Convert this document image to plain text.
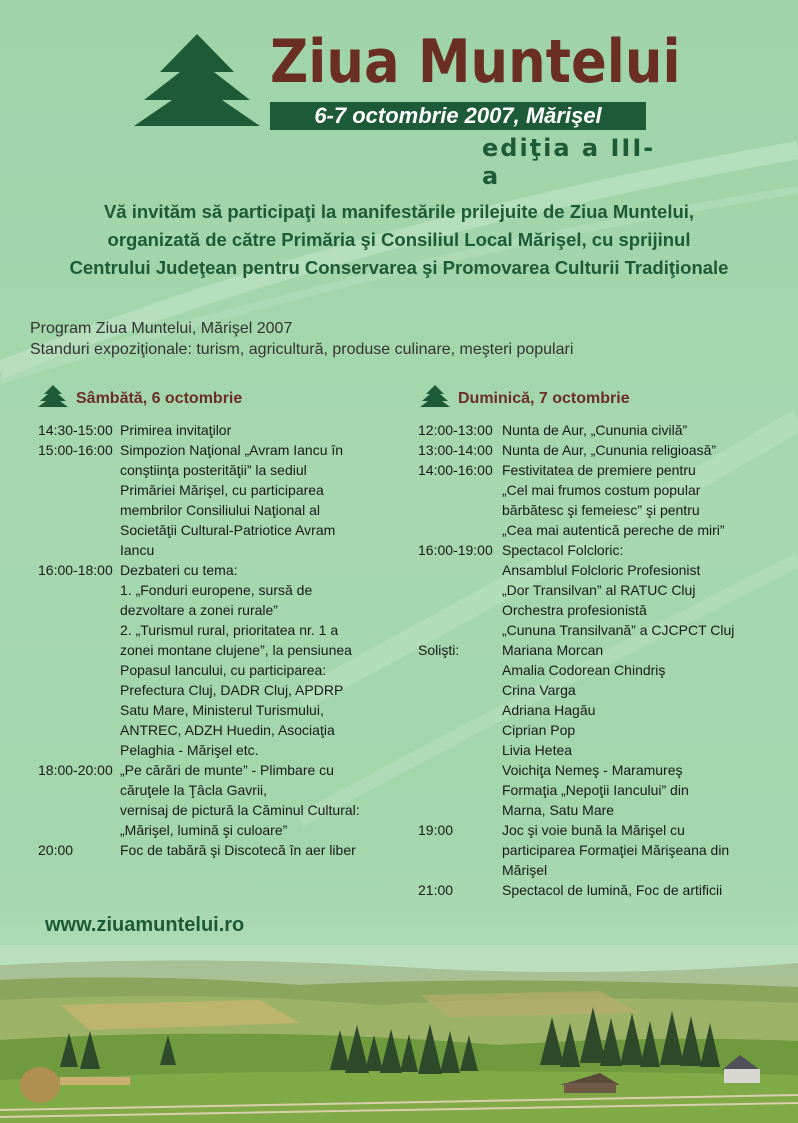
Ziua Muntelui
6-7 octombrie 2007, Mărişel
ediţia a III-a
Vă invităm să participaţi la manifestările prilejuite de Ziua Muntelui,
organizată de către Primăria şi Consiliul Local Mărişel, cu sprijinul
Centrului Judeţean pentru Conservarea şi Promovarea Culturii Tradiţionale
Program Ziua Muntelui, Mărişel 2007
Standuri expoziţionale: turism, agricultură, produse culinare, meşteri populari
Sâmbătă, 6 octombrie	Duminică, 7 octombrie
14:30-15:00 Primirea invitaţilor
15:00-16:00 Simpozion Naţional „Avram Iancu în
conştiinţa posterităţii” la sediul
Primăriei Mărişel, cu participarea
membrilor Consiliului Naţional al
Societăţii Cultural-Patriotice Avram
Iancu
16:00-18:00 Dezbateri cu tema:
1. „Fonduri europene, sursă de
dezvoltare a zonei rurale”
2. „Turismul rural, prioritatea nr. 1 a
zonei montane clujene”, la pensiunea
Popasul Iancului, cu participarea:
Prefectura Cluj, DADR Cluj, APDRP
Satu Mare, Ministerul Turismului,
ANTREC, ADZH Huedin, Asociaţia
Pelaghia - Mărişel etc.
18:00-20:00 „Pe cărări de munte” - Plimbare cu
căruţele la Ţâcla Gavrii,
vernisaj de pictură la Căminul Cultural:
„Mărişel, lumină şi culoare”
20:00	Foc de tabără şi Discotecă în aer liber
12:00-13:00 Nunta de Aur, „Cununia civilă”
13:00-14:00 Nunta de Aur, „Cununia religioasă”
14:00-16:00 Festivitatea de premiere pentru
„Cel mai frumos costum popular
bărbătesc şi femeiesc” şi pentru
„Cea mai autentică pereche de miri”
16:00-19:00 Spectacol Folcloric:
Ansamblul Folcloric Profesionist
„Dor Transilvan” al RATUC Cluj
Orchestra profesionistă
„Cununa Transilvană” a CJCPCT Cluj
Solişti:	Mariana Morcan
Amalia Codorean Chindriş
Crina Varga
Adriana Hagău
Ciprian Pop
Livia Hetea
Voichiţa Nemeş - Maramureş
Formaţia „Nepoţii Iancului” din
Marna, Satu Mare
19:00	Joc şi voie bună la Mărişel cu
participarea Formaţiei Mărişeana din
Mărişel
21:00	Spectacol de lumină, Foc de artificii
www.ziuamuntelui.ro
